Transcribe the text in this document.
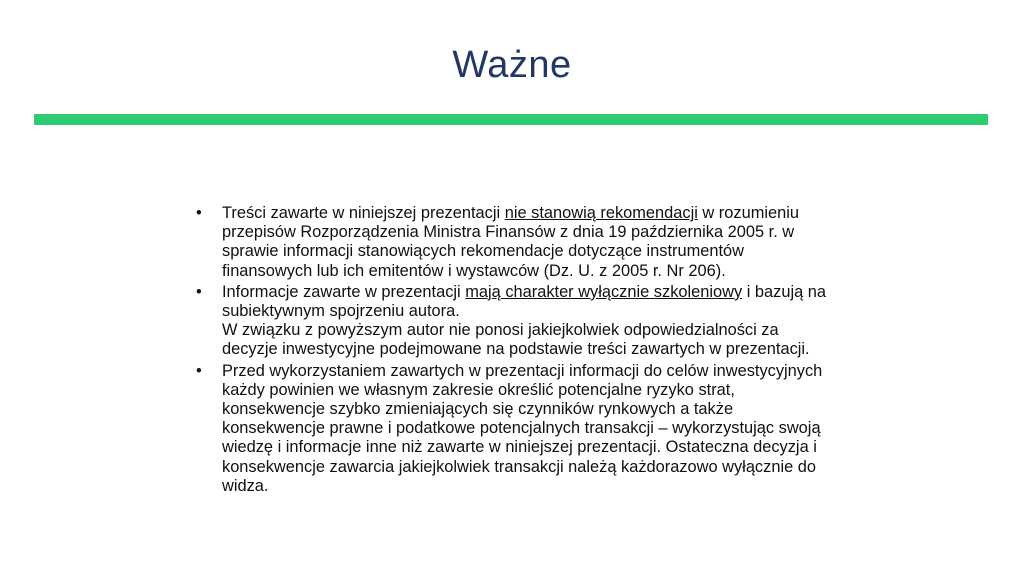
Ważne
• Treści zawarte w niniejszej prezentacji nie stanowią rekomendacji w rozumieniu przepisów Rozporządzenia Ministra Finansów z dnia 19 października 2005 r. w sprawie informacji stanowiących rekomendacje dotyczące instrumentów finansowych lub ich emitentów i wystawców (Dz. U. z 2005 r. Nr 206).
• Informacje zawarte w prezentacji mają charakter wyłącznie szkoleniowy i bazują na subiektywnym spojrzeniu autora.
W związku z powyższym autor nie ponosi jakiejkolwiek odpowiedzialności za decyzje inwestycyjne podejmowane na podstawie treści zawartych w prezentacji.
• Przed wykorzystaniem zawartych w prezentacji informacji do celów inwestycyjnych każdy powinien we własnym zakresie określić potencjalne ryzyko strat, konsekwencje szybko zmieniających się czynników rynkowych a także konsekwencje prawne i podatkowe potencjalnych transakcji – wykorzystując swoją wiedzę i informacje inne niż zawarte w niniejszej prezentacji. Ostateczna decyzja i konsekwencje zawarcia jakiejkolwiek transakcji należą każdorazowo wyłącznie do widza.
